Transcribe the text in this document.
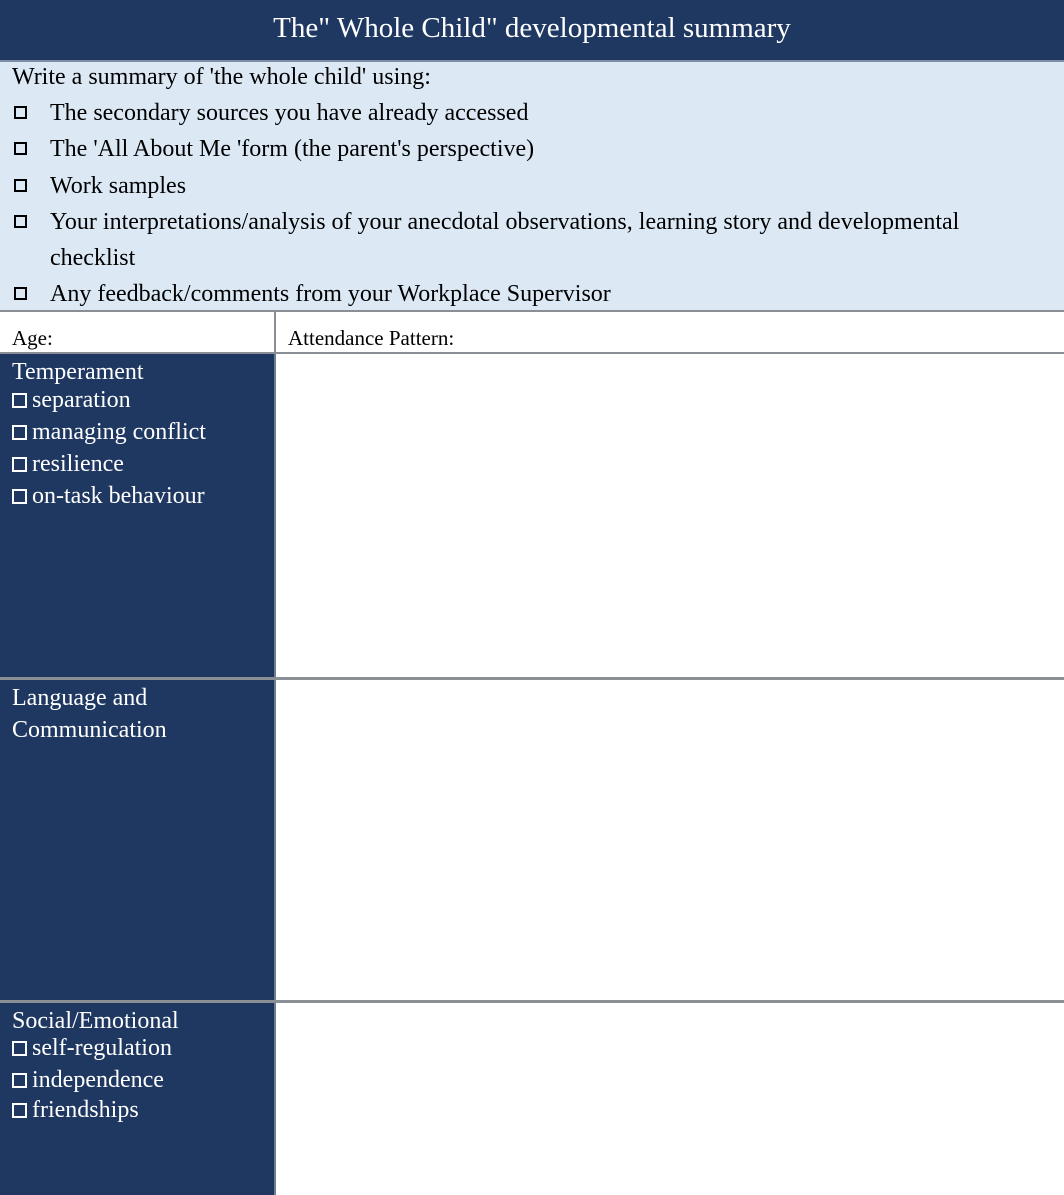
The" Whole Child" developmental summary
Write a summary of 'the whole child' using:
The secondary sources you have already accessed
The 'All About Me 'form (the parent's perspective)
Work samples
Your interpretations/analysis of your anecdotal observations, learning story and developmental checklist
Any feedback/comments from your Workplace Supervisor
Age:	Attendance Pattern:
Temperament
separation
managing conflict
resilience
on-task behaviour
Language and Communication
Social/Emotional
self-regulation
independence
friendships
